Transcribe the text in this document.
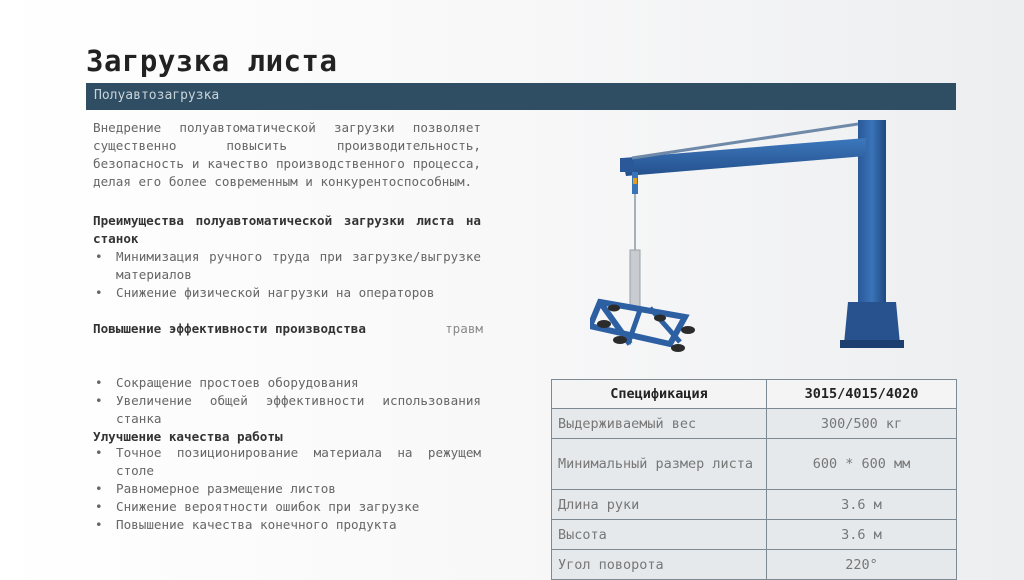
Загрузка листа
Полуавтозагрузка
Внедрение полуавтоматической загрузки позволяет существенно повысить производительность, безопасность и качество производственного процесса, делая его более современным и конкурентоспособным.
Преимущества полуавтоматической загрузки листа на станок
• Минимизация ручного труда при загрузке/выгрузке материалов
• Снижение физической нагрузки на операторов
травм
Повышение эффективности производства
• Сокращение простоев оборудования
• Увеличение общей эффективности использования станка
Улучшение качества работы
• Точное позиционирование материала на режущем столе
• Равномерное размещение листов
• Снижение вероятности ошибок при загрузке
• Повышение качества конечного продукта
Спецификация	3015/4015/4020
Выдерживаемый вес	300/500 кг
Минимальный размер листа	600 * 600 мм
Длина руки	3.6 м
Высота	3.6 м
Угол поворота	220°
